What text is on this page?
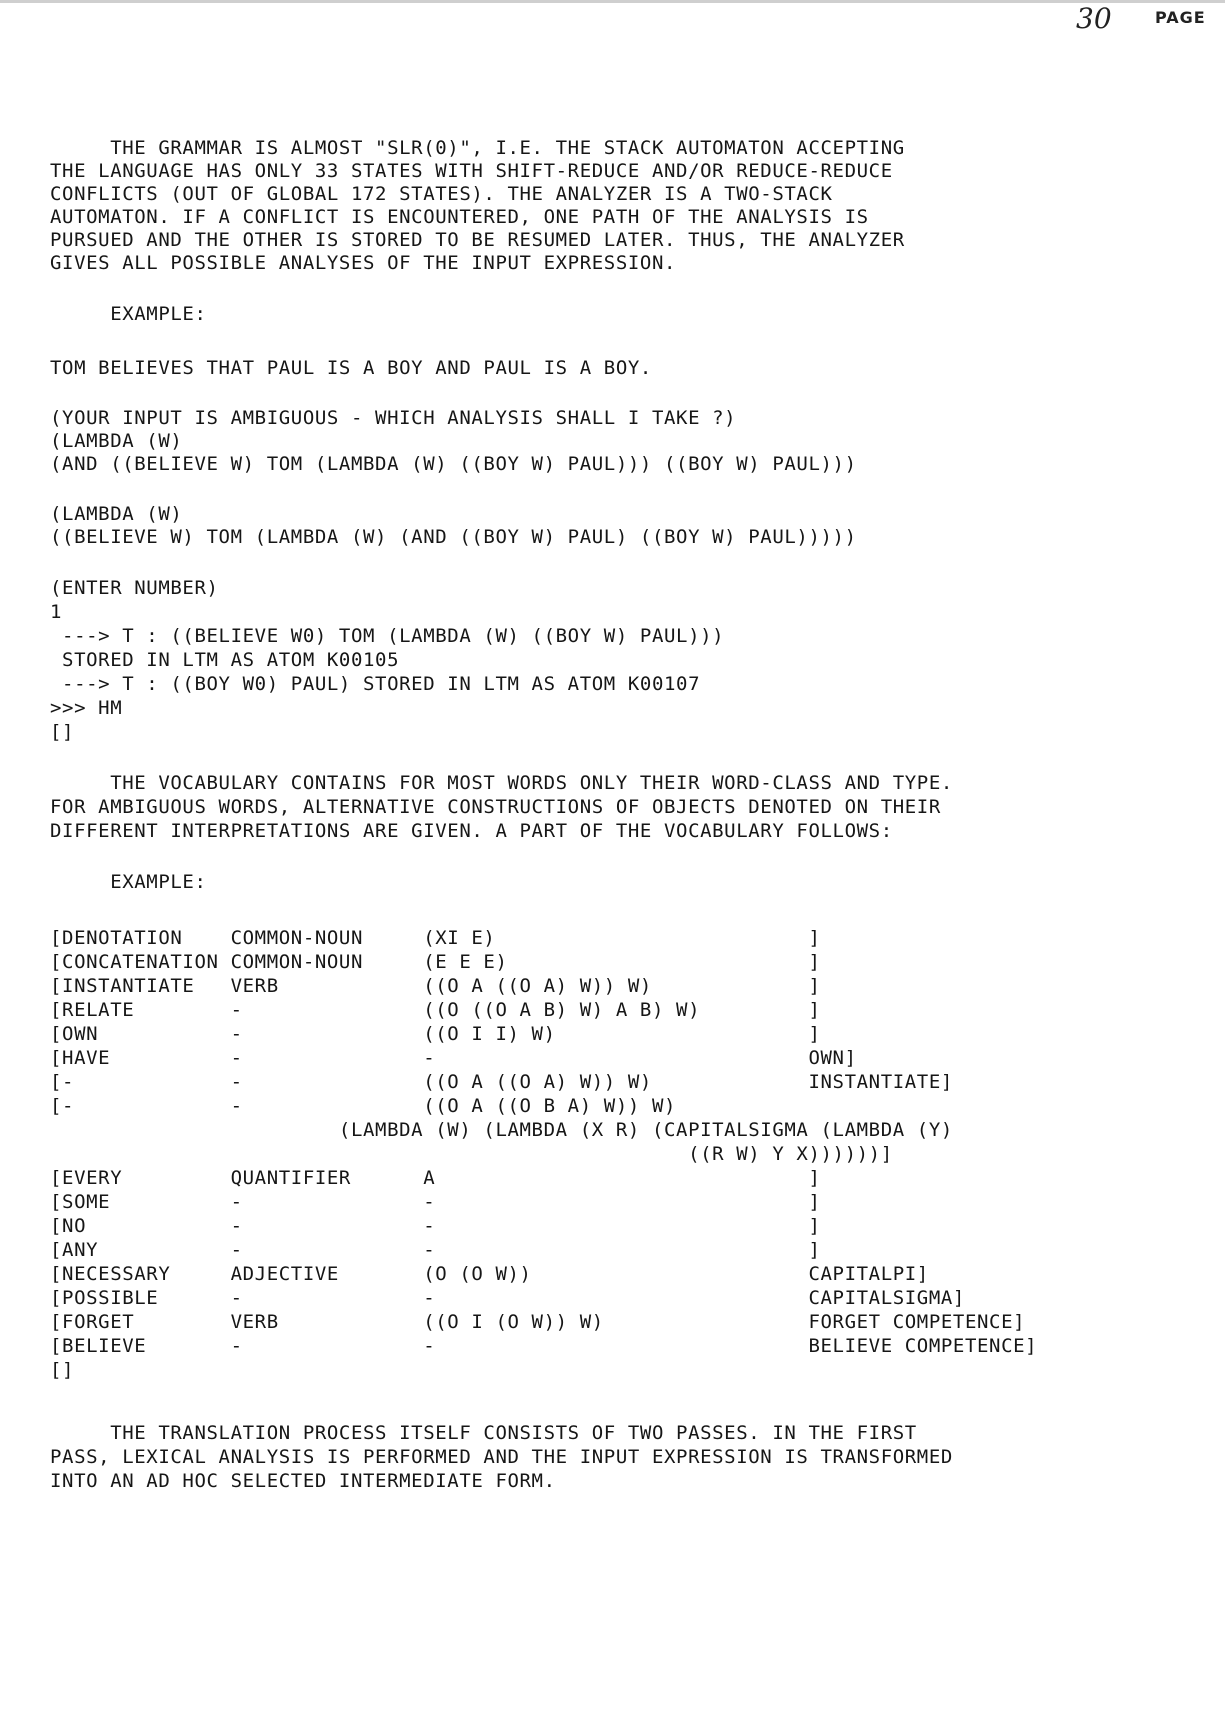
30	PAGE
THE GRAMMAR IS ALMOST "SLR(0)", I.E. THE STACK AUTOMATON ACCEPTING
THE LANGUAGE HAS ONLY 33 STATES WITH SHIFT-REDUCE AND/OR REDUCE-REDUCE
CONFLICTS (OUT OF GLOBAL 172 STATES). THE ANALYZER IS A TWO-STACK
AUTOMATON. IF A CONFLICT IS ENCOUNTERED, ONE PATH OF THE ANALYSIS IS
PURSUED AND THE OTHER IS STORED TO BE RESUMED LATER. THUS, THE ANALYZER
GIVES ALL POSSIBLE ANALYSES OF THE INPUT EXPRESSION.
EXAMPLE:
TOM BELIEVES THAT PAUL IS A BOY AND PAUL IS A BOY.
(YOUR INPUT IS AMBIGUOUS - WHICH ANALYSIS SHALL I TAKE ?)
(LAMBDA (W)
(AND ((BELIEVE W) TOM (LAMBDA (W) ((BOY W) PAUL))) ((BOY W) PAUL)))
(LAMBDA (W)
((BELIEVE W) TOM (LAMBDA (W) (AND ((BOY W) PAUL) ((BOY W) PAUL)))))
(ENTER NUMBER)
1
---> T : ((BELIEVE W0) TOM (LAMBDA (W) ((BOY W) PAUL)))
STORED IN LTM AS ATOM K00105
---> T : ((BOY W0) PAUL) STORED IN LTM AS ATOM K00107
>>> HM
[]
THE VOCABULARY CONTAINS FOR MOST WORDS ONLY THEIR WORD-CLASS AND TYPE.
FOR AMBIGUOUS WORDS, ALTERNATIVE CONSTRUCTIONS OF OBJECTS DENOTED ON THEIR
DIFFERENT INTERPRETATIONS ARE GIVEN. A PART OF THE VOCABULARY FOLLOWS:
EXAMPLE:
[DENOTATION    COMMON-NOUN     (XI E)                          ]
[CONCATENATION COMMON-NOUN     (E E E)                         ]
[INSTANTIATE   VERB            ((O A ((O A) W)) W)             ]
[RELATE        -               ((O ((O A B) W) A B) W)         ]
[OWN           -               ((O I I) W)                     ]
[HAVE          -               -                               OWN]
[-             -               ((O A ((O A) W)) W)             INSTANTIATE]
[-             -               ((O A ((O B A) W)) W)
(LAMBDA (W) (LAMBDA (X R) (CAPITALSIGMA (LAMBDA (Y)
((R W) Y X))))))]
[EVERY         QUANTIFIER      A                               ]
[SOME          -               -                               ]
[NO            -               -                               ]
[ANY           -               -                               ]
[NECESSARY     ADJECTIVE       (O (O W))                       CAPITALPI]
[POSSIBLE      -               -                               CAPITALSIGMA]
[FORGET        VERB            ((O I (O W)) W)                 FORGET COMPETENCE]
[BELIEVE       -               -                               BELIEVE COMPETENCE]
[]
THE TRANSLATION PROCESS ITSELF CONSISTS OF TWO PASSES. IN THE FIRST
PASS, LEXICAL ANALYSIS IS PERFORMED AND THE INPUT EXPRESSION IS TRANSFORMED
INTO AN AD HOC SELECTED INTERMEDIATE FORM.
